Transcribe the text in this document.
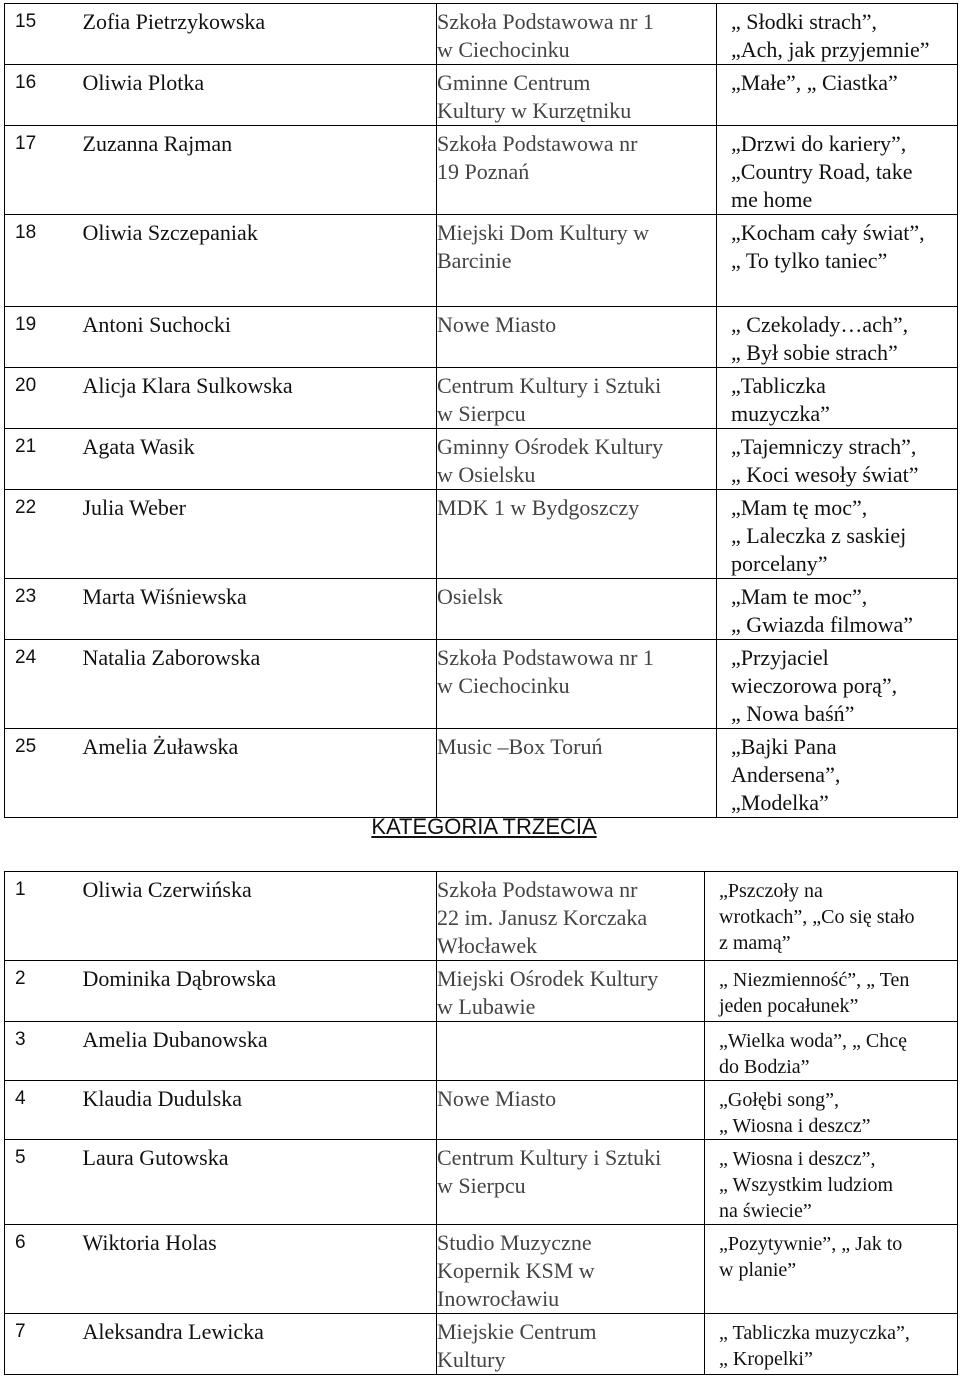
15	Zofia Pietrzykowska	Szkoła Podstawowa nr 1
w Ciechocinku	„ Słodki strach”,
„Ach, jak przyjemnie”

16	Oliwia Plotka	Gminne Centrum
Kultury w Kurzętniku	„Małe”, „ Ciastka”

17	Zuzanna Rajman	Szkoła Podstawowa nr
19 Poznań	„Drzwi do kariery”,
„Country Road, take
me home

18	Oliwia Szczepaniak	Miejski Dom Kultury w
Barcinie	„Kocham cały świat”,
„ To tylko taniec”

19	Antoni Suchocki	Nowe Miasto	„ Czekolady…ach”,
„ Był sobie strach”

20	Alicja Klara Sulkowska	Centrum Kultury i Sztuki
w Sierpcu	„Tabliczka
muzyczka”

21	Agata Wasik	Gminny Ośrodek Kultury
w Osielsku	„Tajemniczy strach”,
„ Koci wesoły świat”

22	Julia Weber	MDK 1 w Bydgoszczy	„Mam tę moc”,
„ Laleczka z saskiej
porcelany”

23	Marta Wiśniewska	Osielsk	„Mam te moc”,
„ Gwiazda filmowa”

24	Natalia Zaborowska	Szkoła Podstawowa nr 1
w Ciechocinku	„Przyjaciel
wieczorowa porą”,
„ Nowa baśń”

25	Amelia Żuławska	Music –Box Toruń	„Bajki Pana
Andersena”,
„Modelka”
KATEGORIA TRZECIA
1	Oliwia Czerwińska	Szkoła Podstawowa nr
22 im. Janusz Korczaka
Włocławek	„Pszczoły na
wrotkach”, „Co się stało
z mamą”

2	Dominika Dąbrowska	Miejski Ośrodek Kultury
w Lubawie	„ Niezmienność”, „ Ten
jeden pocałunek”

3	Amelia Dubanowska		„Wielka woda”, „ Chcę
do Bodzia”

4	Klaudia Dudulska	Nowe Miasto	„Gołębi song”,
„ Wiosna i deszcz”

5	Laura Gutowska	Centrum Kultury i Sztuki
w Sierpcu	„ Wiosna i deszcz”,
„ Wszystkim ludziom
na świecie”

6	Wiktoria Holas	Studio Muzyczne
Kopernik KSM w
Inowrocławiu	„Pozytywnie”, „ Jak to
w planie”

7	Aleksandra Lewicka	Miejskie Centrum
Kultury	„ Tabliczka muzyczka”,
„ Kropelki”
